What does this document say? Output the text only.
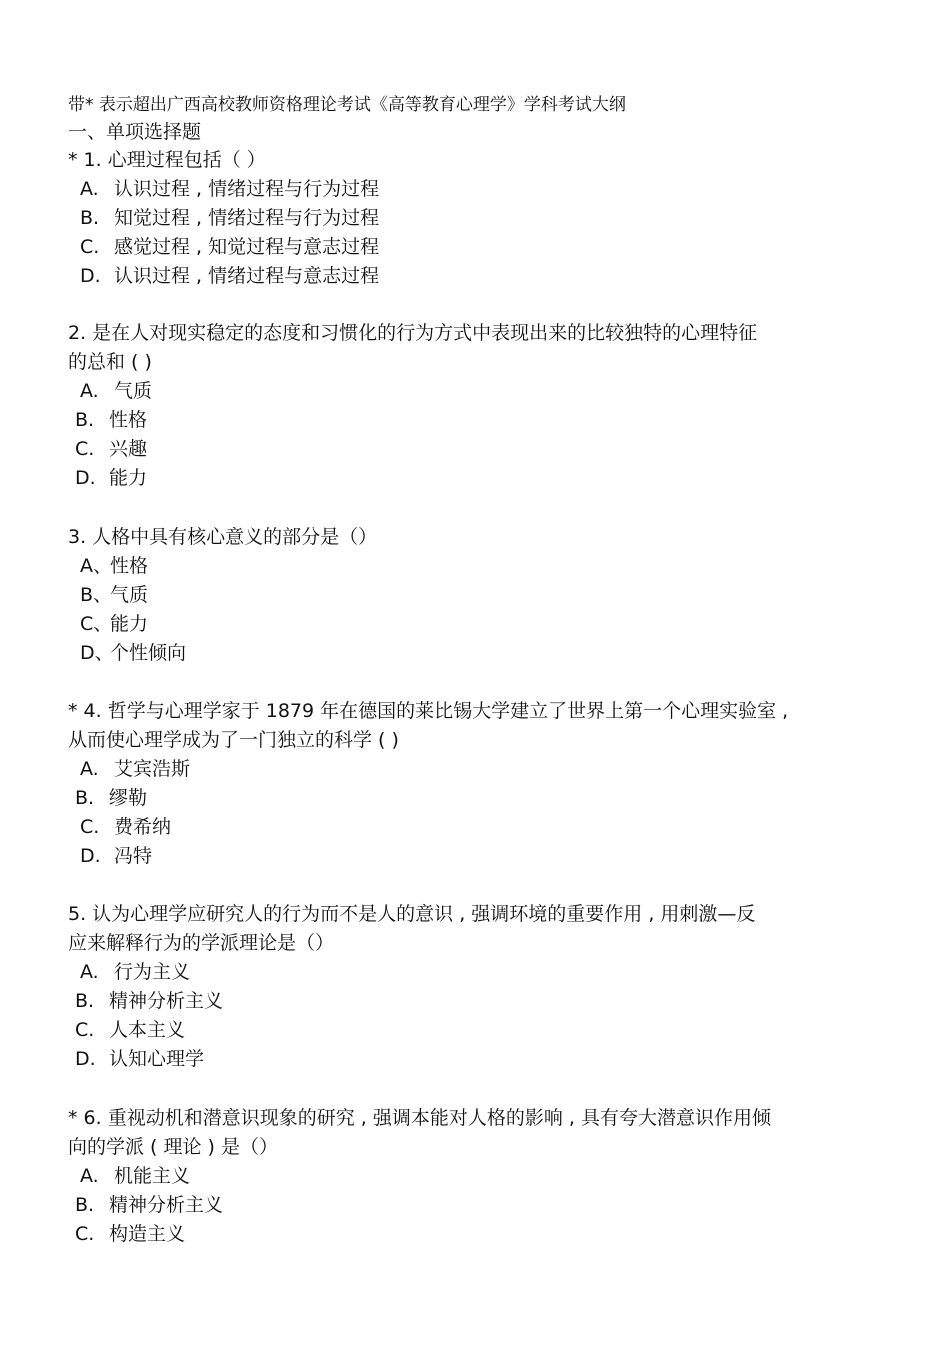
带* 表示超出广西高校教师资格理论考试《高等教育心理学》学科考试大纲
一、单项选择题
* 1. 心理过程包括（ ）
A. 认识过程 , 情绪过程与行为过程
B. 知觉过程 , 情绪过程与行为过程
C. 感觉过程 , 知觉过程与意志过程
D. 认识过程 , 情绪过程与意志过程
2. 是在人对现实稳定的态度和习惯化的行为方式中表现出来的比较独特的心理特征
的总和 ( )
A. 气质
B. 性格
C. 兴趣
D. 能力
3. 人格中具有核心意义的部分是（）
A、性格
B、气质
C、能力
D、个性倾向
* 4. 哲学与心理学家于 1879 年在德国的莱比锡大学建立了世界上第一个心理实验室 ,
从而使心理学成为了一门独立的科学 ( )
A. 艾宾浩斯
B. 缪勒
C. 费希纳
D. 冯特
5. 认为心理学应研究人的行为而不是人的意识 , 强调环境的重要作用 , 用刺激—反
应来解释行为的学派理论是（）
A. 行为主义
B. 精神分析主义
C. 人本主义
D. 认知心理学
* 6. 重视动机和潜意识现象的研究 , 强调本能对人格的影响 , 具有夸大潜意识作用倾
向的学派 ( 理论 ) 是（）
A. 机能主义
B. 精神分析主义
C. 构造主义
